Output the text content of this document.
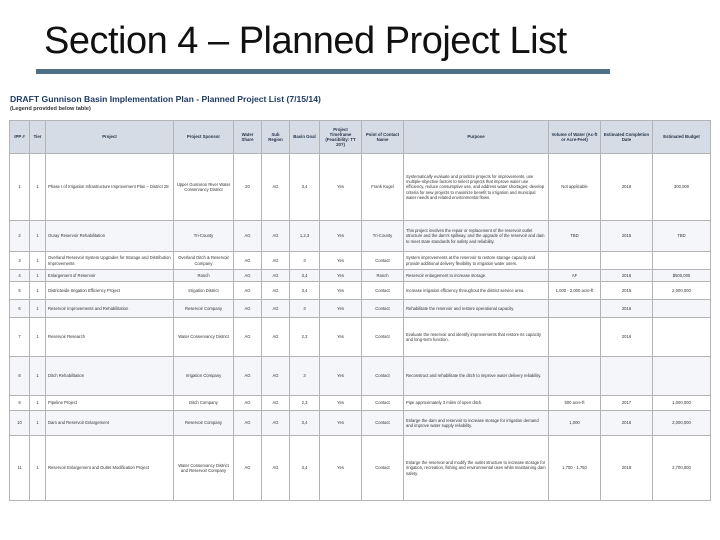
Section 4 – Planned Project List
DRAFT Gunnison Basin Implementation Plan - Planned Project List (7/15/14)
(Legend provided below table)
IPP #	Tier	Project	Project Sponsor	Water Share	Sub Region	Basin Goal	Project Timeframe (Feasibility: TT 20?)	Point of Contact Name	Purpose	Volume of Water (Ac-ft or Acre-Feet)	Estimated Completion Date	Estimated Budget
1	1	Phase I of Irrigation Infrastructure Improvement Plan – District 28	Upper Gunnison River Water Conservancy District	20	AG	3,4	Yes	Frank Kugel	Systematically evaluate and prioritize projects for improvements, use multiple-objective factors to select projects that improve water use efficiency, reduce consumptive use, and address water shortages; develop criteria for new projects to maximize benefit to irrigation and municipal water needs and related environmental flows.	Not applicable	2018	300,000
2	1	Ouray Reservoir Rehabilitation	Tri-County	AG	AG	1,2,3	Yes	Tri-County	This project involves the repair or replacement of the reservoir outlet structure and the dam's spillway, and the upgrade of the reservoir and dam to meet state standards for safety and reliability.	TBD	2015	TBD
3	1	Overland Reservoir System Upgrades for Storage and Distribution Improvements	Overland Ditch & Reservoir Company	AG	AG	3	Yes	Contact	System improvements at the reservoir to restore storage capacity and provide additional delivery flexibility to irrigation water users.			
4	1	Enlargement of Reservoir	Ranch	AG	AG	3,4	Yes	Ranch	Reservoir enlargement to increase storage.	AF	2016	$500,000
5	1	Districtwide Irrigation Efficiency Project	Irrigation District	AG	AG	3,4	Yes	Contact	Increase irrigation efficiency throughout the district service area.	1,000 - 2,000 acre-ft	2015	2,000,000
6	1	Reservoir Improvements and Rehabilitation	Reservoir Company	AG	AG	3	Yes	Contact	Rehabilitate the reservoir and restore operational capacity.		2016	
7	1	Reservoir Research	Water Conservancy District	AG	AG	2,3	Yes	Contact	Evaluate the reservoir and identify improvements that restore its capacity and long-term function.		2016	
8	1	Ditch Rehabilitation	Irrigation Company	AG	AG	3	Yes	Contact	Reconstruct and rehabilitate the ditch to improve water delivery reliability.			
9	1	Pipeline Project	Ditch Company	AG	AG	2,3	Yes	Contact	Pipe approximately 3 miles of open ditch.	500 acre-ft	2017	1,000,000
10	1	Dam and Reservoir Enlargement	Reservoir Company	AG	AG	3,4	Yes	Contact	Enlarge the dam and reservoir to increase storage for irrigation demand and improve water supply reliability.	1,000	2016	2,000,000
11	1	Reservoir Enlargement and Outlet Modification Project	Water Conservancy District and Reservoir Company	AG	AG	3,4	Yes	Contact	Enlarge the reservoir and modify the outlet structure to increase storage for irrigation, recreation, fishing and environmental uses while maintaining dam safety.	1,700 - 1,750	2018	2,700,000
